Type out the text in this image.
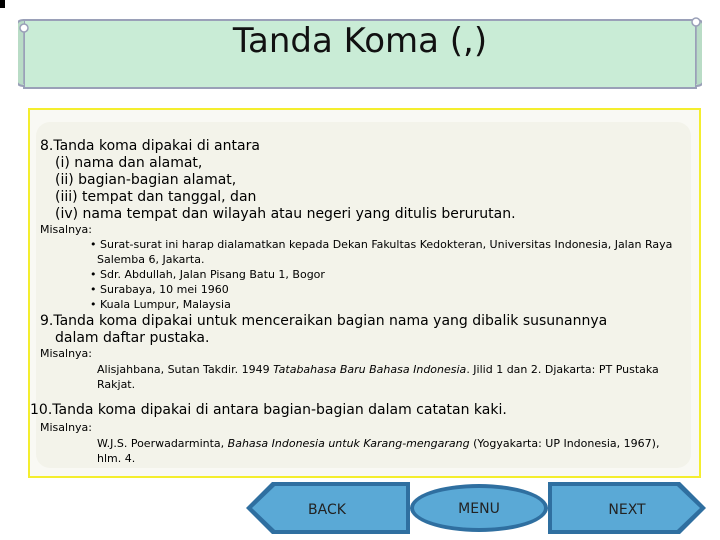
Tanda Koma (,)
8.Tanda koma dipakai di antara
(i) nama dan alamat,
(ii) bagian-bagian alamat,
(iii) tempat dan tanggal, dan
(iv) nama tempat dan wilayah atau negeri yang ditulis berurutan.
Misalnya:
• Surat-surat ini harap dialamatkan kepada Dekan Fakultas Kedokteran, Universitas Indonesia, Jalan Raya
Salemba 6, Jakarta.
• Sdr. Abdullah, Jalan Pisang Batu 1, Bogor
• Surabaya, 10 mei 1960
• Kuala Lumpur, Malaysia
9.Tanda koma dipakai untuk menceraikan bagian nama yang dibalik susunannya
dalam daftar pustaka.
Misalnya:
Alisjahbana, Sutan Takdir. 1949 Tatabahasa Baru Bahasa Indonesia. Jilid 1 dan 2. Djakarta: PT Pustaka
Rakjat.
10.Tanda koma dipakai di antara bagian-bagian dalam catatan kaki.
Misalnya:
W.J.S. Poerwadarminta, Bahasa Indonesia untuk Karang-mengarang (Yogyakarta: UP Indonesia, 1967),
hlm. 4.
BACK	MENU	NEXT
